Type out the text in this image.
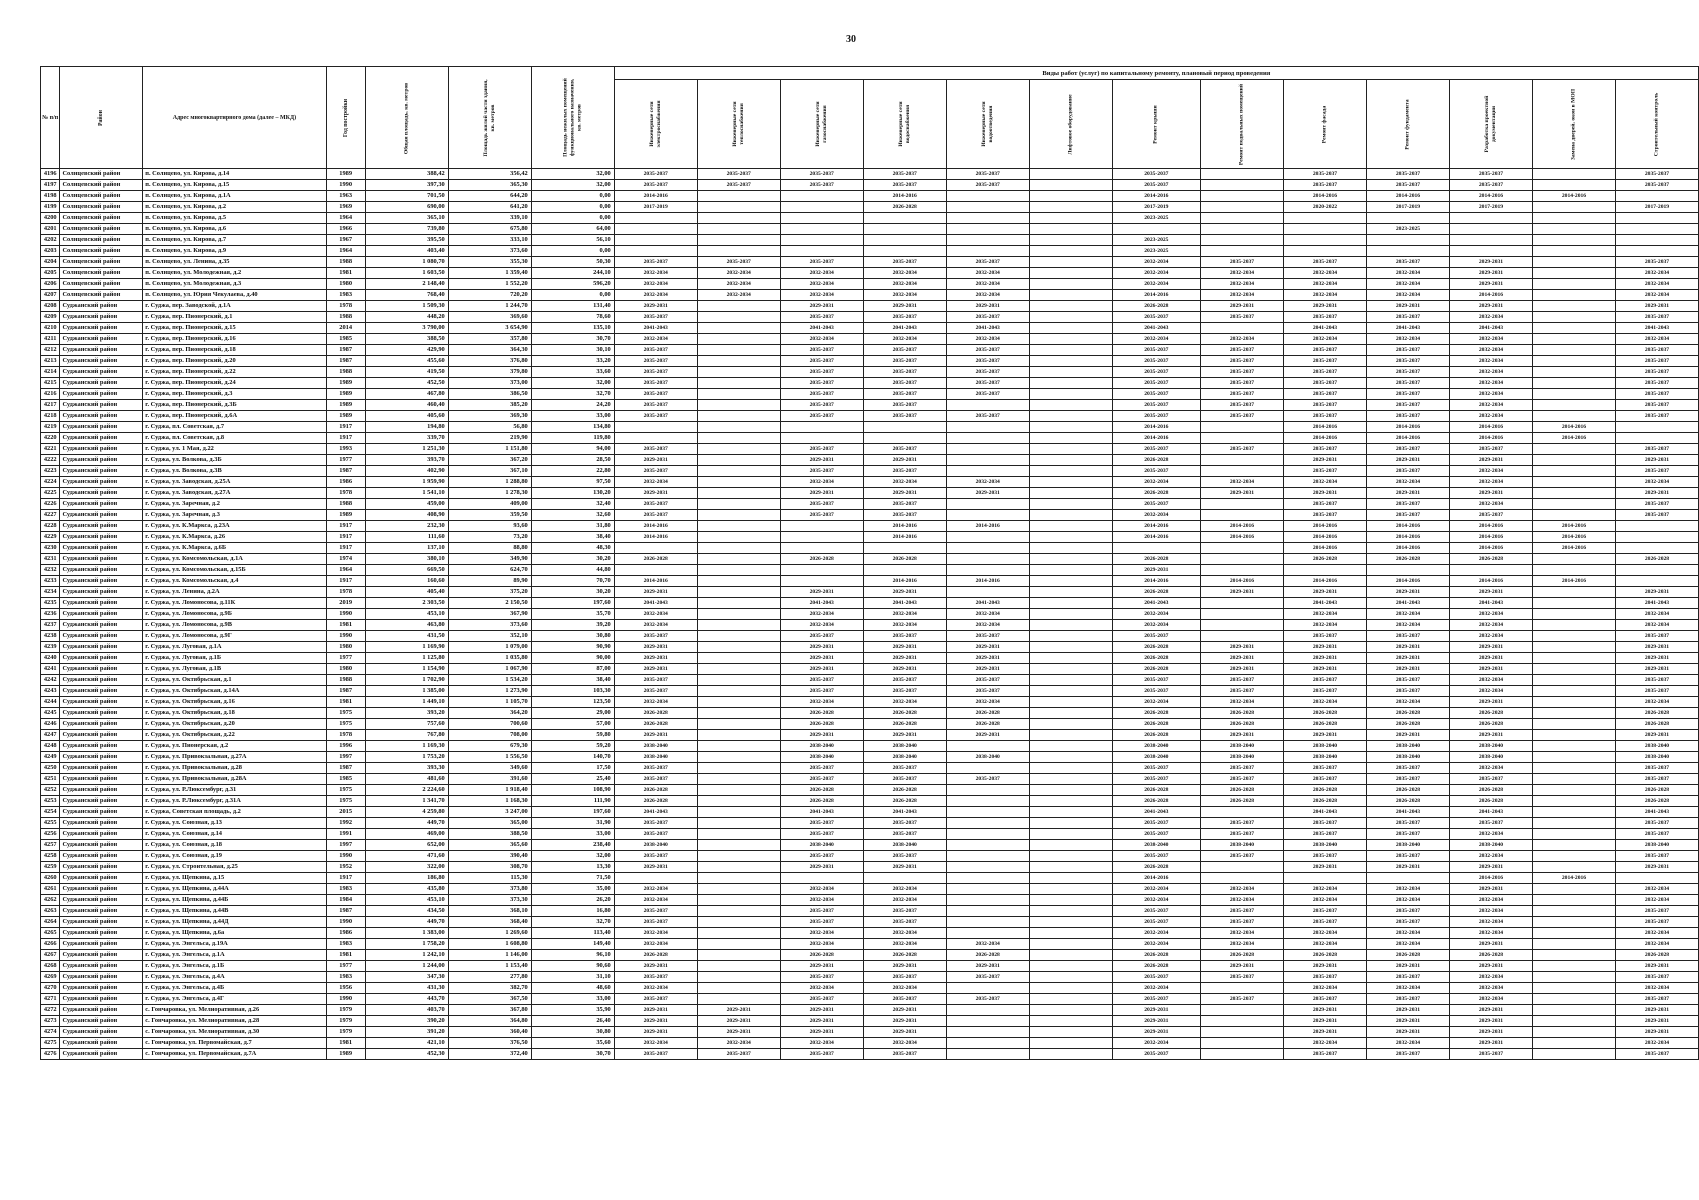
30
№ п/п	Район	Адрес многоквартирного дома (далее – МКД)	Год постройки	Общая площадь, кв. метров	Площадь жилой части здания, кв. метров	Площадь нежилых помещений функционального назначения, кв. метров	Виды работ (услуг) по капитальному ремонту, плановый период проведения												
							Инженерные сети электроснабжения	Инженерные сети теплоснабжения	Инженерные сети газоснабжения	Инженерные сети водоснабжения	Инженерные сети водоотведения	Лифтовое оборудование	Ремонт крыши	Ремонт подвальных помещений	Ремонт фасада	Ремонт фундамента	Разработка проектной документации	Замена дверей, окон в МОП	Строительный контроль
4196	Солнцевский район	п. Солнцево, ул. Кирова, д.14	1989	388,42	356,42	32,00	2035-2037	2035-2037	2035-2037	2035-2037	2035-2037		2035-2037		2035-2037	2035-2037	2035-2037		2035-2037
4197	Солнцевский район	п. Солнцево, ул. Кирова, д.15	1990	397,30	365,30	32,00	2035-2037	2035-2037	2035-2037	2035-2037	2035-2037		2035-2037		2035-2037	2035-2037	2035-2037		2035-2037
4198	Солнцевский район	п. Солнцево, ул. Кирова, д.1А	1963	701,50	644,20	0,00	2014-2016			2014-2016			2014-2016		2014-2016	2014-2016	2014-2016	2014-2016	
4199	Солнцевский район	п. Солнцево, ул. Кирова, д.2	1969	690,00	641,20	0,00	2017-2019			2026-2028			2017-2019		2020-2022	2017-2019	2017-2019		2017-2019
4200	Солнцевский район	п. Солнцево, ул. Кирова, д.5	1964	365,10	339,10	0,00							2023-2025						
4201	Солнцевский район	п. Солнцево, ул. Кирова, д.6	1966	739,80	675,80	64,00										2023-2025			
4202	Солнцевский район	п. Солнцево, ул. Кирова, д.7	1967	395,50	333,10	56,10							2023-2025						
4203	Солнцевский район	п. Солнцево, ул. Кирова, д.9	1964	403,40	373,60	0,00							2023-2025						
4204	Солнцевский район	п. Солнцево, ул. Ленина, д.35	1988	1 080,70	355,30	50,30	2035-2037	2035-2037	2035-2037	2035-2037	2035-2037		2032-2034	2035-2037	2035-2037	2035-2037	2029-2031		2035-2037
4205	Солнцевский район	п. Солнцево, ул. Молодежная, д.2	1981	1 603,50	1 359,40	244,10	2032-2034	2032-2034	2032-2034	2032-2034	2032-2034		2032-2034	2032-2034	2032-2034	2032-2034	2029-2031		2032-2034
4206	Солнцевский район	п. Солнцево, ул. Молодежная, д.3	1980	2 148,40	1 552,20	596,20	2032-2034	2032-2034	2032-2034	2032-2034	2032-2034		2032-2034	2032-2034	2032-2034	2032-2034	2029-2031		2032-2034
4207	Солнцевский район	п. Солнцево, ул. Юрия Чекулаева, д.40	1983	768,40	720,20	0,00	2032-2034	2032-2034	2032-2034	2032-2034	2032-2034		2014-2016	2032-2034	2032-2034	2032-2034	2014-2016		2032-2034
4208	Суджанский район	г. Суджа, пер. Заводской, д.1А	1978	1 509,30	1 244,70	131,40	2029-2031		2029-2031	2029-2031	2029-2031		2026-2028	2029-2031	2029-2031	2029-2031	2029-2031		2029-2031
4209	Суджанский район	г. Суджа, пер. Пионерский, д.1	1988	448,20	369,60	78,60	2035-2037		2035-2037	2035-2037	2035-2037		2035-2037	2035-2037	2035-2037	2035-2037	2032-2034		2035-2037
4210	Суджанский район	г. Суджа, пер. Пионерский, д.15	2014	3 790,00	3 654,90	135,10	2041-2043		2041-2043	2041-2043	2041-2043		2041-2043		2041-2043	2041-2043	2041-2043		2041-2043
4211	Суджанский район	г. Суджа, пер. Пионерский, д.16	1985	388,50	357,80	30,70	2032-2034		2032-2034	2032-2034	2032-2034		2032-2034	2032-2034	2032-2034	2032-2034	2032-2034		2032-2034
4212	Суджанский район	г. Суджа, пер. Пионерский, д.18	1987	429,90	364,30	30,10	2035-2037		2035-2037	2035-2037	2035-2037		2035-2037	2035-2037	2035-2037	2035-2037	2032-2034		2035-2037
4213	Суджанский район	г. Суджа, пер. Пионерский, д.20	1987	455,60	376,80	33,20	2035-2037		2035-2037	2035-2037	2035-2037		2035-2037	2035-2037	2035-2037	2035-2037	2032-2034		2035-2037
4214	Суджанский район	г. Суджа, пер. Пионерский, д.22	1988	419,50	379,80	33,60	2035-2037		2035-2037	2035-2037	2035-2037		2035-2037	2035-2037	2035-2037	2035-2037	2032-2034		2035-2037
4215	Суджанский район	г. Суджа, пер. Пионерский, д.24	1989	452,50	373,00	32,00	2035-2037		2035-2037	2035-2037	2035-2037		2035-2037	2035-2037	2035-2037	2035-2037	2032-2034		2035-2037
4216	Суджанский район	г. Суджа, пер. Пионерский, д.3	1989	467,80	386,50	32,70	2035-2037		2035-2037	2035-2037	2035-2037		2035-2037	2035-2037	2035-2037	2035-2037	2032-2034		2035-2037
4217	Суджанский район	г. Суджа, пер. Пионерский, д.3Б	1989	460,40	385,20	24,20	2035-2037		2035-2037	2035-2037			2035-2037	2035-2037	2035-2037	2035-2037	2032-2034		2035-2037
4218	Суджанский район	г. Суджа, пер. Пионерский, д.6А	1989	405,60	369,30	33,00	2035-2037		2035-2037	2035-2037	2035-2037		2035-2037	2035-2037	2035-2037	2035-2037	2032-2034		2035-2037
4219	Суджанский район	г. Суджа, пл. Советская, д.7	1917	194,80	56,80	134,80							2014-2016		2014-2016	2014-2016	2014-2016	2014-2016	
4220	Суджанский район	г. Суджа, пл. Советская, д.8	1917	339,70	219,90	119,80							2014-2016		2014-2016	2014-2016	2014-2016	2014-2016	
4221	Суджанский район	г. Суджа, ул. 1 Мая, д.22	1993	1 251,30	1 151,80	94,00	2035-2037		2035-2037	2035-2037			2035-2037	2035-2037	2035-2037	2035-2037	2035-2037		2035-2037
4222	Суджанский район	г. Суджа, ул. Волкова, д.3Б	1977	393,70	367,20	28,50	2029-2031		2029-2031	2029-2031			2026-2028		2029-2031	2029-2031	2029-2031		2029-2031
4223	Суджанский район	г. Суджа, ул. Волкова, д.3В	1987	402,90	367,10	22,80	2035-2037		2035-2037	2035-2037			2035-2037		2035-2037	2035-2037	2032-2034		2035-2037
4224	Суджанский район	г. Суджа, ул. Заводская, д.25А	1986	1 959,90	1 288,80	97,50	2032-2034		2032-2034	2032-2034	2032-2034		2032-2034	2032-2034	2032-2034	2032-2034	2032-2034		2032-2034
4225	Суджанский район	г. Суджа, ул. Заводская, д.27А	1978	1 541,10	1 278,30	130,20	2029-2031		2029-2031	2029-2031	2029-2031		2026-2028	2029-2031	2029-2031	2029-2031	2029-2031		2029-2031
4226	Суджанский район	г. Суджа, ул. Заречная, д.2	1988	459,00	409,00	32,40	2035-2037		2035-2037	2035-2037			2035-2037		2035-2037	2035-2037	2032-2034		2035-2037
4227	Суджанский район	г. Суджа, ул. Заречная, д.3	1989	408,90	359,50	32,60	2035-2037		2035-2037	2035-2037			2032-2034		2035-2037	2035-2037	2035-2037		2035-2037
4228	Суджанский район	г. Суджа, ул. К.Маркса, д.23А	1917	232,30	93,60	31,80	2014-2016			2014-2016	2014-2016		2014-2016	2014-2016	2014-2016	2014-2016	2014-2016	2014-2016	
4229	Суджанский район	г. Суджа, ул. К.Маркса, д.26	1917	111,60	73,20	38,40	2014-2016			2014-2016			2014-2016	2014-2016	2014-2016	2014-2016	2014-2016	2014-2016	
4230	Суджанский район	г. Суджа, ул. К.Маркса, д.6Б	1917	137,10	88,80	48,30									2014-2016	2014-2016	2014-2016	2014-2016	
4231	Суджанский район	г. Суджа, ул. Комсомольская, д.1А	1974	380,10	349,90	30,20	2026-2028		2026-2028	2026-2028			2026-2028		2026-2028	2026-2028	2026-2028		2026-2028
4232	Суджанский район	г. Суджа, ул. Комсомольская, д.15Б	1964	669,50	624,70	44,80							2029-2031						
4233	Суджанский район	г. Суджа, ул. Комсомольская, д.4	1917	160,60	89,90	70,70	2014-2016			2014-2016	2014-2016		2014-2016	2014-2016	2014-2016	2014-2016	2014-2016	2014-2016	
4234	Суджанский район	г. Суджа, ул. Ленина, д.2А	1978	405,40	375,20	30,20	2029-2031		2029-2031	2029-2031			2026-2028	2029-2031	2029-2031	2029-2031	2029-2031		2029-2031
4235	Суджанский район	г. Суджа, ул. Ломоносова, д.11К	2019	2 303,50	2 150,50	197,60	2041-2043		2041-2043	2041-2043	2041-2043		2041-2043		2041-2043	2041-2043	2041-2043		2041-2043
4236	Суджанский район	г. Суджа, ул. Ломоносова, д.9Б	1990	453,10	367,90	35,70	2032-2034		2032-2034	2032-2034	2032-2034		2032-2034		2032-2034	2032-2034	2032-2034		2032-2034
4237	Суджанский район	г. Суджа, ул. Ломоносова, д.9В	1981	463,80	373,60	39,20	2032-2034		2032-2034	2032-2034	2032-2034		2032-2034		2032-2034	2032-2034	2032-2034		2032-2034
4238	Суджанский район	г. Суджа, ул. Ломоносова, д.9Г	1990	431,50	352,10	30,80	2035-2037		2035-2037	2035-2037	2035-2037		2035-2037		2035-2037	2035-2037	2032-2034		2035-2037
4239	Суджанский район	г. Суджа, ул. Луговая, д.1А	1980	1 169,90	1 079,00	90,90	2029-2031		2029-2031	2029-2031	2029-2031		2026-2028	2029-2031	2029-2031	2029-2031	2029-2031		2029-2031
4240	Суджанский район	г. Суджа, ул. Луговая, д.1Б	1977	1 125,80	1 035,80	90,00	2029-2031		2029-2031	2029-2031	2029-2031		2026-2028	2029-2031	2029-2031	2029-2031	2029-2031		2029-2031
4241	Суджанский район	г. Суджа, ул. Луговая, д.1В	1980	1 154,90	1 067,90	87,00	2029-2031		2029-2031	2029-2031	2029-2031		2026-2028	2029-2031	2029-2031	2029-2031	2029-2031		2029-2031
4242	Суджанский район	г. Суджа, ул. Октябрьская, д.1	1988	1 702,90	1 534,20	38,40	2035-2037		2035-2037	2035-2037	2035-2037		2035-2037	2035-2037	2035-2037	2035-2037	2032-2034		2035-2037
4243	Суджанский район	г. Суджа, ул. Октябрьская, д.14А	1987	1 385,00	1 273,90	103,30	2035-2037		2035-2037	2035-2037	2035-2037		2035-2037	2035-2037	2035-2037	2035-2037	2032-2034		2035-2037
4244	Суджанский район	г. Суджа, ул. Октябрьская, д.16	1981	1 449,10	1 105,70	123,50	2032-2034		2032-2034	2032-2034	2032-2034		2032-2034	2032-2034	2032-2034	2032-2034	2029-2031		2032-2034
4245	Суджанский район	г. Суджа, ул. Октябрьская, д.18	1975	393,20	364,20	29,00	2026-2028		2026-2028	2026-2028	2026-2028		2026-2028	2026-2028	2026-2028	2026-2028	2026-2028		2026-2028
4246	Суджанский район	г. Суджа, ул. Октябрьская, д.20	1975	757,60	700,60	57,00	2026-2028		2026-2028	2026-2028	2026-2028		2026-2028	2026-2028	2026-2028	2026-2028	2026-2028		2026-2028
4247	Суджанский район	г. Суджа, ул. Октябрьская, д.22	1978	767,80	708,00	59,80	2029-2031		2029-2031	2029-2031	2029-2031		2026-2028	2029-2031	2029-2031	2029-2031	2029-2031		2029-2031
4248	Суджанский район	г. Суджа, ул. Пионерская, д.2	1996	1 169,30	679,30	59,20	2038-2040		2038-2040	2038-2040			2038-2040	2038-2040	2038-2040	2038-2040	2038-2040		2038-2040
4249	Суджанский район	г. Суджа, ул. Привокзальная, д.27А	1997	1 753,20	1 556,50	140,70	2038-2040		2038-2040	2038-2040	2038-2040		2038-2040	2038-2040	2038-2040	2038-2040	2038-2040		2038-2040
4250	Суджанский район	г. Суджа, ул. Привокзальная, д.28	1987	393,30	349,60	17,50	2035-2037		2035-2037	2035-2037			2035-2037	2035-2037	2035-2037	2035-2037	2032-2034		2035-2037
4251	Суджанский район	г. Суджа, ул. Привокзальная, д.28А	1985	481,60	391,60	25,40	2035-2037		2035-2037	2035-2037	2035-2037		2035-2037	2035-2037	2035-2037	2035-2037	2035-2037		2035-2037
4252	Суджанский район	г. Суджа, ул. Р.Люксембург, д.31	1975	2 224,60	1 918,40	108,90	2026-2028		2026-2028	2026-2028			2026-2028	2026-2028	2026-2028	2026-2028	2026-2028		2026-2028
4253	Суджанский район	г. Суджа, ул. Р.Люксембург, д.31А	1975	1 341,70	1 168,30	111,90	2026-2028		2026-2028	2026-2028			2026-2028	2026-2028	2026-2028	2026-2028	2026-2028		2026-2028
4254	Суджанский район	г. Суджа, Советская площадь, д.2	2015	4 259,80	3 247,00	197,60	2041-2043		2041-2043	2041-2043			2041-2043		2041-2043	2041-2043	2041-2043		2041-2043
4255	Суджанский район	г. Суджа, ул. Союзная, д.13	1992	449,70	365,00	31,90	2035-2037		2035-2037	2035-2037			2035-2037	2035-2037	2035-2037	2035-2037	2035-2037		2035-2037
4256	Суджанский район	г. Суджа, ул. Союзная, д.14	1991	469,00	388,50	33,00	2035-2037		2035-2037	2035-2037			2035-2037	2035-2037	2035-2037	2035-2037	2032-2034		2035-2037
4257	Суджанский район	г. Суджа, ул. Союзная, д.18	1997	652,00	365,60	238,40	2038-2040		2038-2040	2038-2040			2038-2040	2038-2040	2038-2040	2038-2040	2038-2040		2038-2040
4258	Суджанский район	г. Суджа, ул. Союзная, д.19	1990	471,60	390,40	32,00	2035-2037		2035-2037	2035-2037			2035-2037	2035-2037	2035-2037	2035-2037	2032-2034		2035-2037
4259	Суджанский район	г. Суджа, ул. Строительная, д.25	1952	322,00	308,70	13,30	2029-2031		2029-2031	2029-2031			2026-2028		2029-2031	2029-2031	2029-2031		2029-2031
4260	Суджанский район	г. Суджа, ул. Щепкина, д.15	1917	186,80	115,30	71,50							2014-2016				2014-2016	2014-2016	
4261	Суджанский район	г. Суджа, ул. Щепкина, д.44А	1983	435,80	373,80	35,00	2032-2034		2032-2034	2032-2034			2032-2034	2032-2034	2032-2034	2032-2034	2029-2031		2032-2034
4262	Суджанский район	г. Суджа, ул. Щепкина, д.44Б	1984	453,10	373,30	26,20	2032-2034		2032-2034	2032-2034			2032-2034	2032-2034	2032-2034	2032-2034	2032-2034		2032-2034
4263	Суджанский район	г. Суджа, ул. Щепкина, д.44В	1987	434,50	368,10	16,80	2035-2037		2035-2037	2035-2037			2035-2037	2035-2037	2035-2037	2035-2037	2032-2034		2035-2037
4264	Суджанский район	г. Суджа, ул. Щепкина, д.44Д	1990	449,70	368,40	32,70	2035-2037		2035-2037	2035-2037			2035-2037	2035-2037	2035-2037	2035-2037	2032-2034		2035-2037
4265	Суджанский район	г. Суджа, ул. Щепкина, д.6а	1986	1 383,00	1 269,60	113,40	2032-2034		2032-2034	2032-2034			2032-2034	2032-2034	2032-2034	2032-2034	2032-2034		2032-2034
4266	Суджанский район	г. Суджа, ул. Энгельса, д.19А	1983	1 758,20	1 608,80	149,40	2032-2034		2032-2034	2032-2034	2032-2034		2032-2034	2032-2034	2032-2034	2032-2034	2029-2031		2032-2034
4267	Суджанский район	г. Суджа, ул. Энгельса, д.1А	1981	1 242,10	1 146,00	96,10	2026-2028		2026-2028	2026-2028	2026-2028		2026-2028	2026-2028	2026-2028	2026-2028	2026-2028		2026-2028
4268	Суджанский район	г. Суджа, ул. Энгельса, д.1Б	1977	1 244,00	1 153,40	90,60	2029-2031		2029-2031	2029-2031	2029-2031		2026-2028	2029-2031	2029-2031	2029-2031	2029-2031		2029-2031
4269	Суджанский район	г. Суджа, ул. Энгельса, д.4А	1983	347,30	277,80	31,10	2035-2037		2035-2037	2035-2037	2035-2037		2035-2037	2035-2037	2035-2037	2035-2037	2032-2034		2035-2037
4270	Суджанский район	г. Суджа, ул. Энгельса, д.4Б	1956	431,30	382,70	48,60	2032-2034		2032-2034	2032-2034			2032-2034		2032-2034	2032-2034	2032-2034		2032-2034
4271	Суджанский район	г. Суджа, ул. Энгельса, д.4Г	1990	443,70	367,50	33,00	2035-2037		2035-2037	2035-2037	2035-2037		2035-2037	2035-2037	2035-2037	2035-2037	2032-2034		2035-2037
4272	Суджанский район	с. Гончаровка, ул. Мелиоративная, д.26	1979	403,70	367,80	35,90	2029-2031	2029-2031	2029-2031	2029-2031			2029-2031		2029-2031	2029-2031	2029-2031		2029-2031
4273	Суджанский район	с. Гончаровка, ул. Мелиоративная, д.28	1979	390,20	364,80	26,40	2029-2031	2029-2031	2029-2031	2029-2031			2029-2031		2029-2031	2029-2031	2029-2031		2029-2031
4274	Суджанский район	с. Гончаровка, ул. Мелиоративная, д.30	1979	391,20	360,40	30,80	2029-2031	2029-2031	2029-2031	2029-2031			2029-2031		2029-2031	2029-2031	2029-2031		2029-2031
4275	Суджанский район	с. Гончаровка, ул. Первомайская, д.7	1981	421,10	376,50	35,60	2032-2034	2032-2034	2032-2034	2032-2034			2032-2034		2032-2034	2032-2034	2029-2031		2032-2034
4276	Суджанский район	с. Гончаровка, ул. Первомайская, д.7А	1989	452,30	372,40	30,70	2035-2037	2035-2037	2035-2037	2035-2037			2035-2037		2035-2037	2035-2037	2035-2037		2035-2037
